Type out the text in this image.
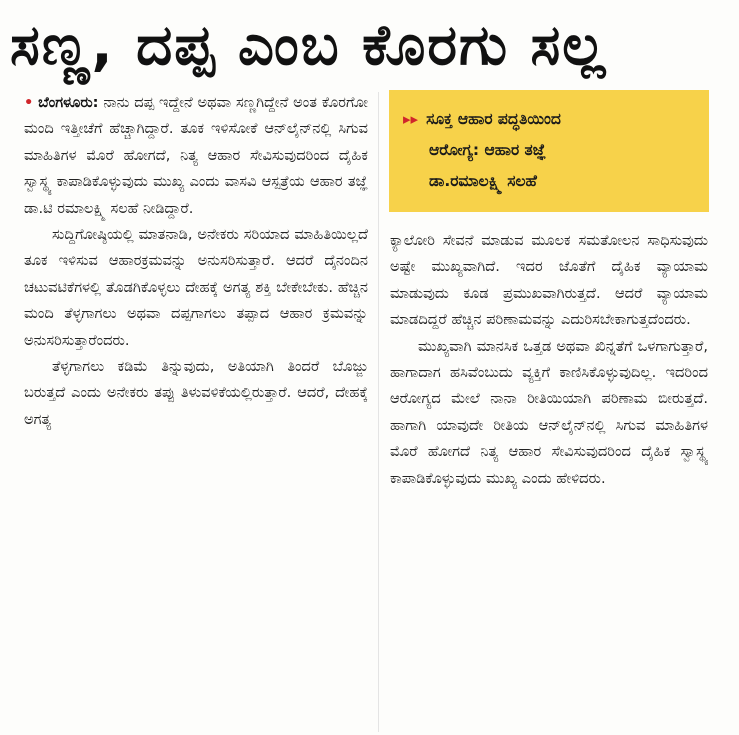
ಸಣ್ಣ, ದಪ್ಪ ಎಂಬ ಕೊರಗು ಸಲ್ಲ

• ಬೆಂಗಳೂರು: ನಾನು ದಪ್ಪ ಇದ್ದೇನೆ ಅಥವಾ ಸಣ್ಣಗಿದ್ದೇನೆ ಅಂತ ಕೊರಗೋ ಮಂದಿ ಇತ್ತೀಚೆಗೆ ಹೆಚ್ಚಾಗಿದ್ದಾರೆ. ತೂಕ ಇಳಿಸೋಕೆ ಆನ್‌ಲೈನ್‌ನಲ್ಲಿ ಸಿಗುವ ಮಾಹಿತಿಗಳ ಮೊರೆ ಹೋಗದೆ, ನಿತ್ಯ ಆಹಾರ ಸೇವಿಸುವುದರಿಂದ ದೈಹಿಕ ಸ್ವಾಸ್ಥ್ಯ ಕಾಪಾಡಿಕೊಳ್ಳುವುದು ಮುಖ್ಯ ಎಂದು ವಾಸವಿ ಆಸ್ಪತ್ರೆಯ ಆಹಾರ ತಜ್ಞೆ ಡಾ.ಟಿ ರಮಾಲಕ್ಷ್ಮಿ ಸಲಹೆ ನೀಡಿದ್ದಾರೆ.

ಸುದ್ದಿಗೋಷ್ಠಿಯಲ್ಲಿ ಮಾತನಾಡಿ, ಅನೇಕರು ಸರಿಯಾದ ಮಾಹಿತಿಯಿಲ್ಲದೆ ತೂಕ ಇಳಿಸುವ ಆಹಾರಕ್ರಮವನ್ನು ಅನುಸರಿಸುತ್ತಾರೆ. ಆದರೆ ದೈನಂದಿನ ಚಟುವಟಿಕೆಗಳಲ್ಲಿ ತೊಡಗಿಕೊಳ್ಳಲು ದೇಹಕ್ಕೆ ಅಗತ್ಯ ಶಕ್ತಿ ಬೇಕೇಬೇಕು. ಹೆಚ್ಚಿನ ಮಂದಿ ತೆಳ್ಳಗಾಗಲು ಅಥವಾ ದಪ್ಪಗಾಗಲು ತಪ್ಪಾದ ಆಹಾರ ಕ್ರಮವನ್ನು ಅನುಸರಿಸುತ್ತಾರೆಂದರು.

ತೆಳ್ಳಗಾಗಲು ಕಡಿಮೆ ತಿನ್ನುವುದು, ಅತಿಯಾಗಿ ತಿಂದರೆ ಬೊಜ್ಜು ಬರುತ್ತದೆ ಎಂದು ಅನೇಕರು ತಪ್ಪು ತಿಳುವಳಿಕೆಯಲ್ಲಿರುತ್ತಾರೆ. ಆದರೆ, ದೇಹಕ್ಕೆ ಅಗತ್ಯ

▸▸ ಸೂಕ್ತ ಆಹಾರ ಪದ್ಧತಿಯಿಂದ
ಆರೋಗ್ಯ: ಆಹಾರ ತಜ್ಞೆ
ಡಾ.ರಮಾಲಕ್ಷ್ಮಿ ಸಲಹೆ

ಕ್ಯಾಲೋರಿ ಸೇವನೆ ಮಾಡುವ ಮೂಲಕ ಸಮತೋಲನ ಸಾಧಿಸುವುದು ಅಷ್ಟೇ ಮುಖ್ಯವಾಗಿದೆ. ಇದರ ಜೊತೆಗೆ ದೈಹಿಕ ವ್ಯಾಯಾಮ ಮಾಡುವುದು ಕೂಡ ಪ್ರಮುಖವಾಗಿರುತ್ತದೆ. ಆದರೆ ವ್ಯಾಯಾಮ ಮಾಡದಿದ್ದರೆ ಹೆಚ್ಚಿನ ಪರಿಣಾಮವನ್ನು ಎದುರಿಸಬೇಕಾಗುತ್ತದೆಂದರು.

ಮುಖ್ಯವಾಗಿ ಮಾನಸಿಕ ಒತ್ತಡ ಅಥವಾ ಖಿನ್ನತೆಗೆ ಒಳಗಾಗುತ್ತಾರೆ, ಹಾಗಾದಾಗ ಹಸಿವೆಂಬುದು ವ್ಯಕ್ತಿಗೆ ಕಾಣಿಸಿಕೊಳ್ಳುವುದಿಲ್ಲ. ಇದರಿಂದ ಆರೋಗ್ಯದ ಮೇಲೆ ನಾನಾ ರೀತಿಯಿಯಾಗಿ ಪರಿಣಾಮ ಬೀರುತ್ತದೆ. ಹಾಗಾಗಿ ಯಾವುದೇ ರೀತಿಯ ಆನ್‌ಲೈನ್‌ನಲ್ಲಿ ಸಿಗುವ ಮಾಹಿತಿಗಳ ಮೊರೆ ಹೋಗದೆ ನಿತ್ಯ ಆಹಾರ ಸೇವಿಸುವುದರಿಂದ ದೈಹಿಕ ಸ್ವಾಸ್ಥ್ಯ ಕಾಪಾಡಿಕೊಳ್ಳುವುದು ಮುಖ್ಯ ಎಂದು ಹೇಳಿದರು.
